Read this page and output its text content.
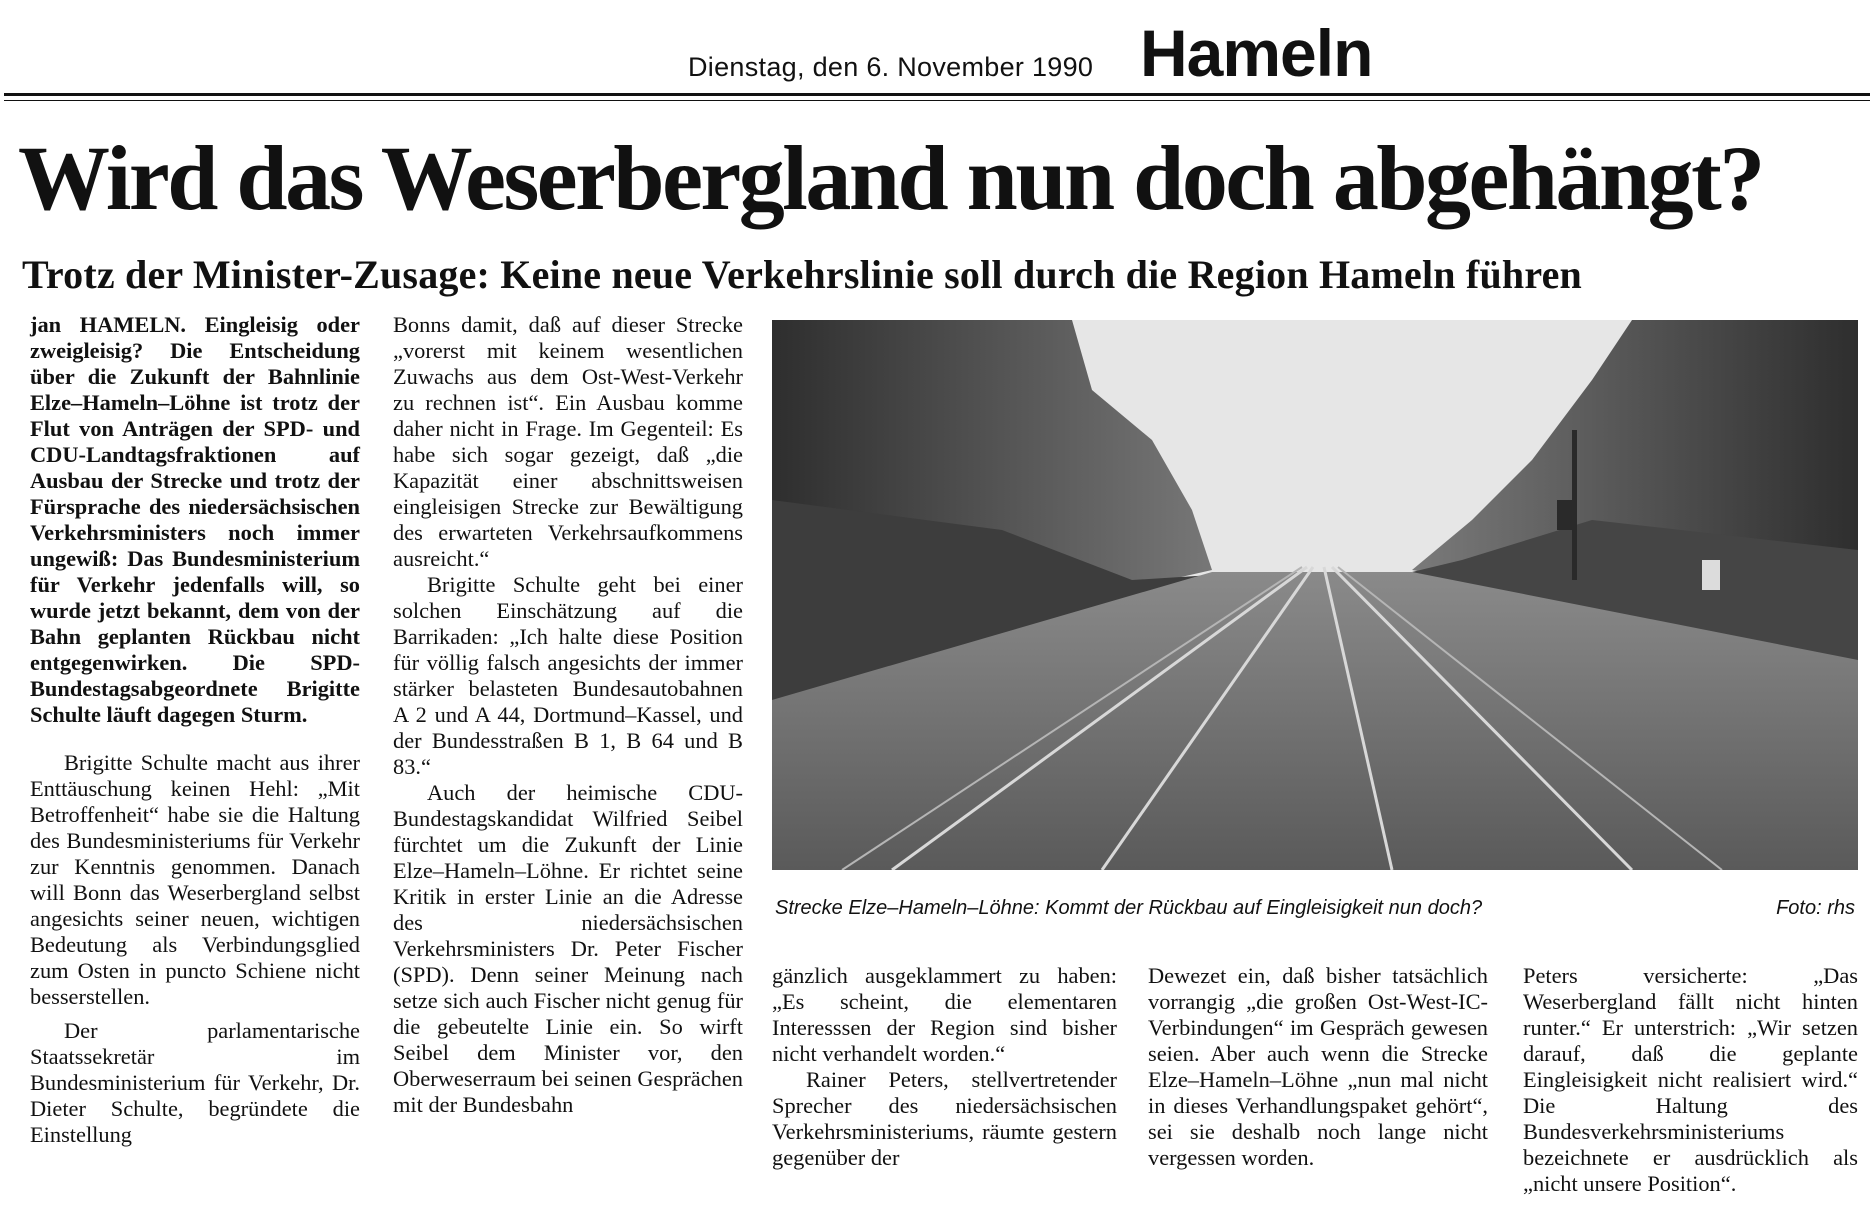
Dienstag, den 6. November 1990 Hameln
Wird das Weserbergland nun doch abgehängt?
Trotz der Minister-Zusage: Keine neue Verkehrslinie soll durch die Region Hameln führen

jan HAMELN. Eingleisig oder zweigleisig? Die Entscheidung über die Zukunft der Bahnlinie Elze–Hameln–Löhne ist trotz der Flut von Anträgen der SPD- und CDU-Landtagsfraktionen auf Ausbau der Strecke und trotz der Fürsprache des niedersächsischen Verkehrsministers noch immer ungewiß: Das Bundesministerium für Verkehr jedenfalls will, so wurde jetzt bekannt, dem von der Bahn geplanten Rückbau nicht entgegenwirken. Die SPD-Bundestagsabgeordnete Brigitte Schulte läuft dagegen Sturm.

Brigitte Schulte macht aus ihrer Enttäuschung keinen Hehl: „Mit Betroffenheit“ habe sie die Haltung des Bundesministeriums für Verkehr zur Kenntnis genommen. Danach will Bonn das Weserbergland selbst angesichts seiner neuen, wichtigen Bedeutung als Verbindungsglied zum Osten in puncto Schiene nicht besserstellen.

Der parlamentarische Staatssekretär im Bundesministerium für Verkehr, Dr. Dieter Schulte, begründete die Einstellung

Bonns damit, daß auf dieser Strecke „vorerst mit keinem wesentlichen Zuwachs aus dem Ost-West-Verkehr zu rechnen ist“. Ein Ausbau komme daher nicht in Frage. Im Gegenteil: Es habe sich sogar gezeigt, daß „die Kapazität einer abschnittsweisen eingleisigen Strecke zur Bewältigung des erwarteten Verkehrsaufkommens ausreicht.“

Brigitte Schulte geht bei einer solchen Einschätzung auf die Barrikaden: „Ich halte diese Position für völlig falsch angesichts der immer stärker belasteten Bundesautobahnen A 2 und A 44, Dortmund–Kassel, und der Bundesstraßen B 1, B 64 und B 83.“

Auch der heimische CDU-Bundestagskandidat Wilfried Seibel fürchtet um die Zukunft der Linie Elze–Hameln–Löhne. Er richtet seine Kritik in erster Linie an die Adresse des niedersächsischen Verkehrsministers Dr. Peter Fischer (SPD). Denn seiner Meinung nach setze sich auch Fischer nicht genug für die gebeutelte Linie ein. So wirft Seibel dem Minister vor, den Oberweserraum bei seinen Gesprächen mit der Bundesbahn

Strecke Elze–Hameln–Löhne: Kommt der Rückbau auf Eingleisigkeit nun doch?	Foto: rhs

gänzlich ausgeklammert zu haben: „Es scheint, die elementaren Interesssen der Region sind bisher nicht verhandelt worden.“

Rainer Peters, stellvertretender Sprecher des niedersächsischen Verkehrsministeriums, räumte gestern gegenüber der

Dewezet ein, daß bisher tatsächlich vorrangig „die großen Ost-West-IC-Verbindungen“ im Gespräch gewesen seien. Aber auch wenn die Strecke Elze–Hameln–Löhne „nun mal nicht in dieses Verhandlungspaket gehört“, sei sie deshalb noch lange nicht vergessen worden.

Peters versicherte: „Das Weserbergland fällt nicht hinten runter.“ Er unterstrich: „Wir setzen darauf, daß die geplante Eingleisigkeit nicht realisiert wird.“ Die Haltung des Bundesverkehrsministeriums bezeichnete er ausdrücklich als „nicht unsere Position“.
